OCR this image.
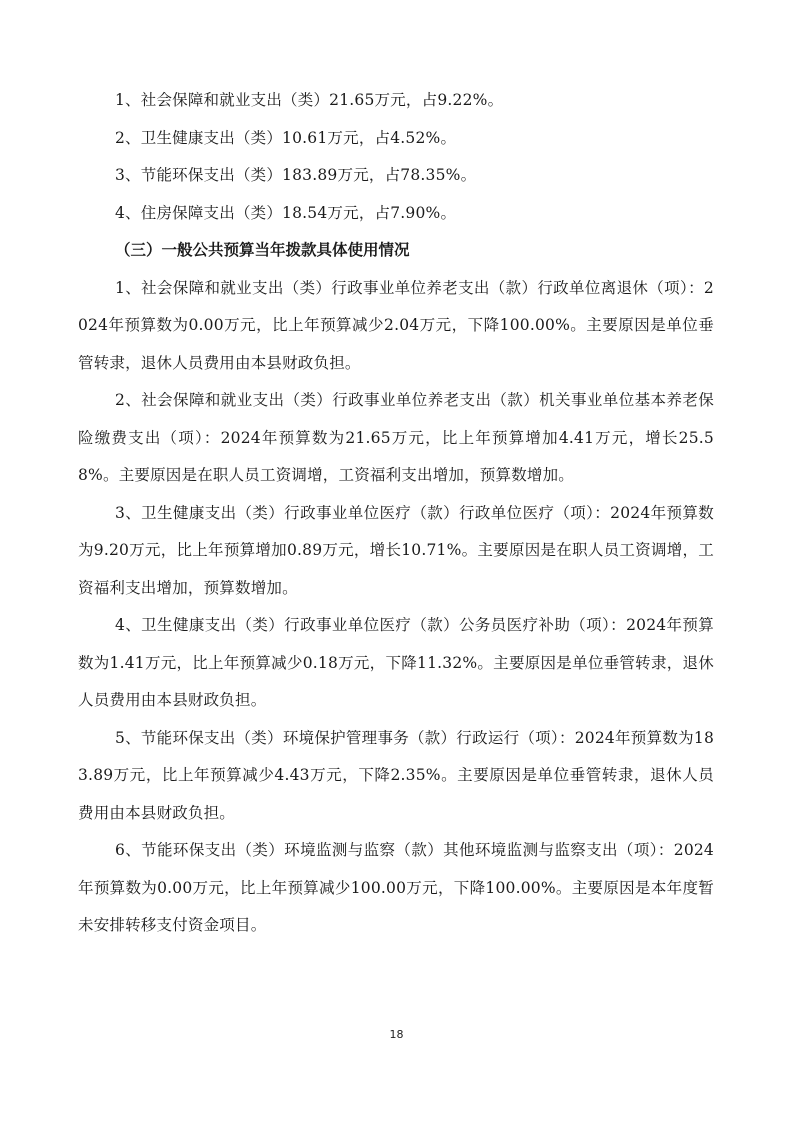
1、社会保障和就业支出（类）21.65万元，占9.22%。

2、卫生健康支出（类）10.61万元，占4.52%。

3、节能环保支出（类）183.89万元，占78.35%。

4、住房保障支出（类）18.54万元，占7.90%。

（三）一般公共预算当年拨款具体使用情况

1、社会保障和就业支出（类）行政事业单位养老支出（款）行政单位离退休（项）：2024年预算数为0.00万元，比上年预算减少2.04万元，下降100.00%。主要原因是单位垂管转隶，退休人员费用由本县财政负担。

2、社会保障和就业支出（类）行政事业单位养老支出（款）机关事业单位基本养老保险缴费支出（项）：2024年预算数为21.65万元，比上年预算增加4.41万元，增长25.58%。主要原因是在职人员工资调增，工资福利支出增加，预算数增加。

3、卫生健康支出（类）行政事业单位医疗（款）行政单位医疗（项）：2024年预算数为9.20万元，比上年预算增加0.89万元，增长10.71%。主要原因是在职人员工资调增，工资福利支出增加，预算数增加。

4、卫生健康支出（类）行政事业单位医疗（款）公务员医疗补助（项）：2024年预算数为1.41万元，比上年预算减少0.18万元，下降11.32%。主要原因是单位垂管转隶，退休人员费用由本县财政负担。

5、节能环保支出（类）环境保护管理事务（款）行政运行（项）：2024年预算数为183.89万元，比上年预算减少4.43万元，下降2.35%。主要原因是单位垂管转隶，退休人员费用由本县财政负担。

6、节能环保支出（类）环境监测与监察（款）其他环境监测与监察支出（项）：2024年预算数为0.00万元，比上年预算减少100.00万元，下降100.00%。主要原因是本年度暂未安排转移支付资金项目。

18
